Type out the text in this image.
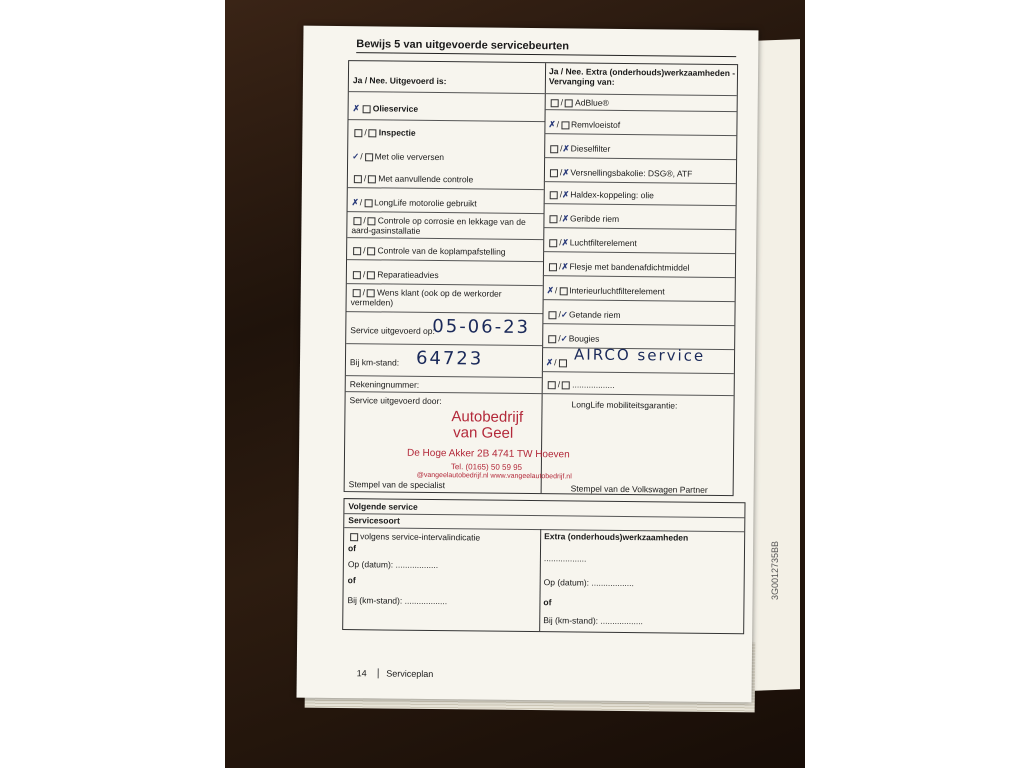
3G0012735BB
Bewijs 5 van uitgevoerde servicebeurten
Ja / Nee. Uitgevoerd is:
Ja / Nee. Extra (onderhouds)werkzaamheden - Vervanging van:
✗ Olieservice
/ Inspectie
✓/ Met olie verversen
/ Met aanvullende controle
✗/ LongLife motorolie gebruikt
/ Controle op corrosie en lekkage van de aard-gasinstallatie
/ Controle van de koplampafstelling
/ Reparatieadvies
/ Wens klant (ook op de werkorder vermelden)
Service uitgevoerd op:
05-06-23
Bij km-stand: 64723
Rekeningnummer:
Service uitgevoerd door:
Autobedrijf
van Geel
De Hoge Akker 2B 4741 TW Hoeven
Tel. (0165) 50 59 95
@vangeelautobedrijf.nl www.vangeelautobedrijf.nl
Stempel van de specialist
/ AdBlue®
✗/ Remvloeistof
/✗Dieselfilter
/✗Versnellingsbakolie: DSG®, ATF
/✗Haldex-koppeling: olie
/✗Geribde riem
/✗Luchtfilterelement
/✗Flesje met bandenafdichtmiddel
✗/ Interieurluchtfilterelement
/✓Getande riem
/✓Bougies
✗/	AIRCO service
/ ..................
LongLife mobiliteitsgarantie:
Stempel van de Volkswagen Partner
Volgende service
Servicesoort
Extra (onderhouds)werkzaamheden
volgens service-intervalindicatie
of
Op (datum): ..................
of
Bij (km-stand): ..................
..................
Op (datum): ..................
of
Bij (km-stand): ..................
14 Serviceplan
